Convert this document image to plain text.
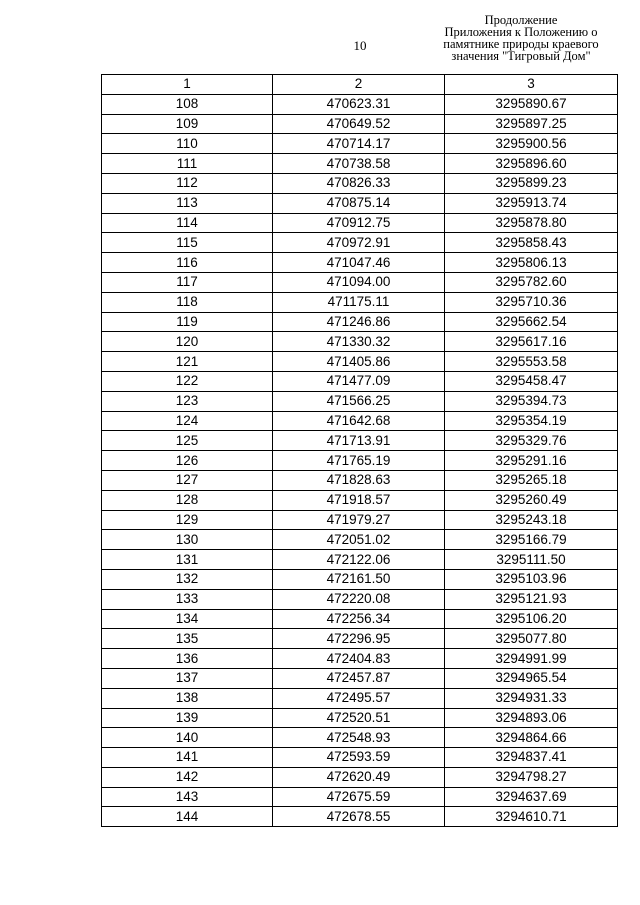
10
Продолжение
Приложения к Положению о
памятнике природы краевого
значения "Тигровый Дом"
1	2	3
108	470623.31	3295890.67
109	470649.52	3295897.25
110	470714.17	3295900.56
111	470738.58	3295896.60
112	470826.33	3295899.23
113	470875.14	3295913.74
114	470912.75	3295878.80
115	470972.91	3295858.43
116	471047.46	3295806.13
117	471094.00	3295782.60
118	471175.11	3295710.36
119	471246.86	3295662.54
120	471330.32	3295617.16
121	471405.86	3295553.58
122	471477.09	3295458.47
123	471566.25	3295394.73
124	471642.68	3295354.19
125	471713.91	3295329.76
126	471765.19	3295291.16
127	471828.63	3295265.18
128	471918.57	3295260.49
129	471979.27	3295243.18
130	472051.02	3295166.79
131	472122.06	3295111.50
132	472161.50	3295103.96
133	472220.08	3295121.93
134	472256.34	3295106.20
135	472296.95	3295077.80
136	472404.83	3294991.99
137	472457.87	3294965.54
138	472495.57	3294931.33
139	472520.51	3294893.06
140	472548.93	3294864.66
141	472593.59	3294837.41
142	472620.49	3294798.27
143	472675.59	3294637.69
144	472678.55	3294610.71
